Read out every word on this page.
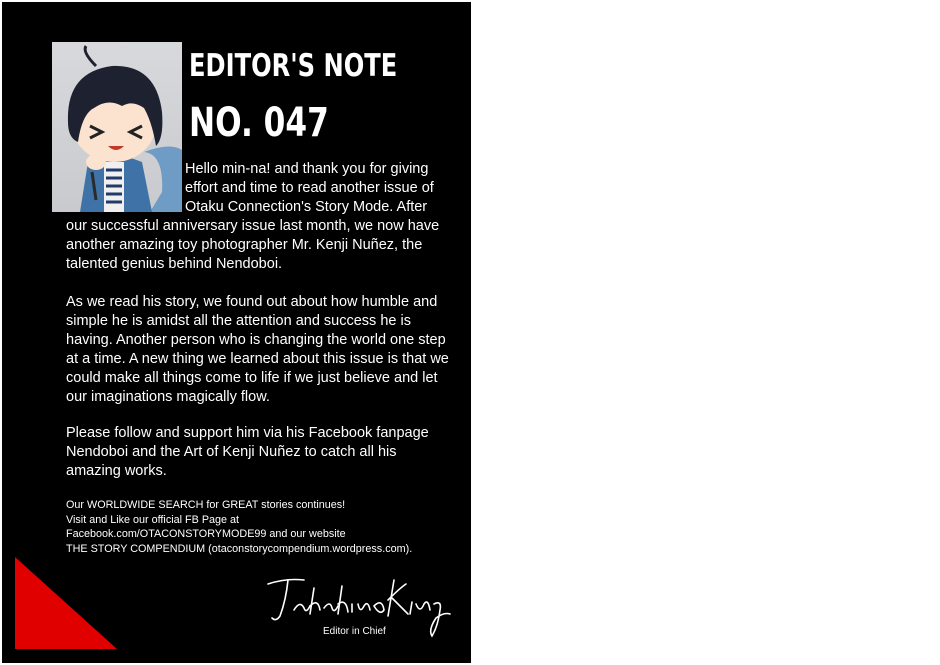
EDITOR'S NOTE
NO. 047
Hello min-na! and thank you for giving
effort and time to read another issue of
Otaku Connection's Story Mode. After

our successful anniversary issue last month, we now have another amazing toy photographer Mr. Kenji Nuñez, the talented genius behind Nendoboi.

As we read his story, we found out about how humble and simple he is amidst all the attention and success he is having. Another person who is changing the world one step at a time. A new thing we learned about this issue is that we could make all things come to life if we just believe and let our imaginations magically flow.

Please follow and support him via his Facebook fanpage Nendoboi and the Art of Kenji Nuñez to catch all his amazing works.

Our WORLDWIDE SEARCH for GREAT stories continues!
Visit and Like our official FB Page at
Facebook.com/OTACONSTORYMODE99 and our website
THE STORY COMPENDIUM (otaconstorycompendium.wordpress.com).
Editor in Chief
